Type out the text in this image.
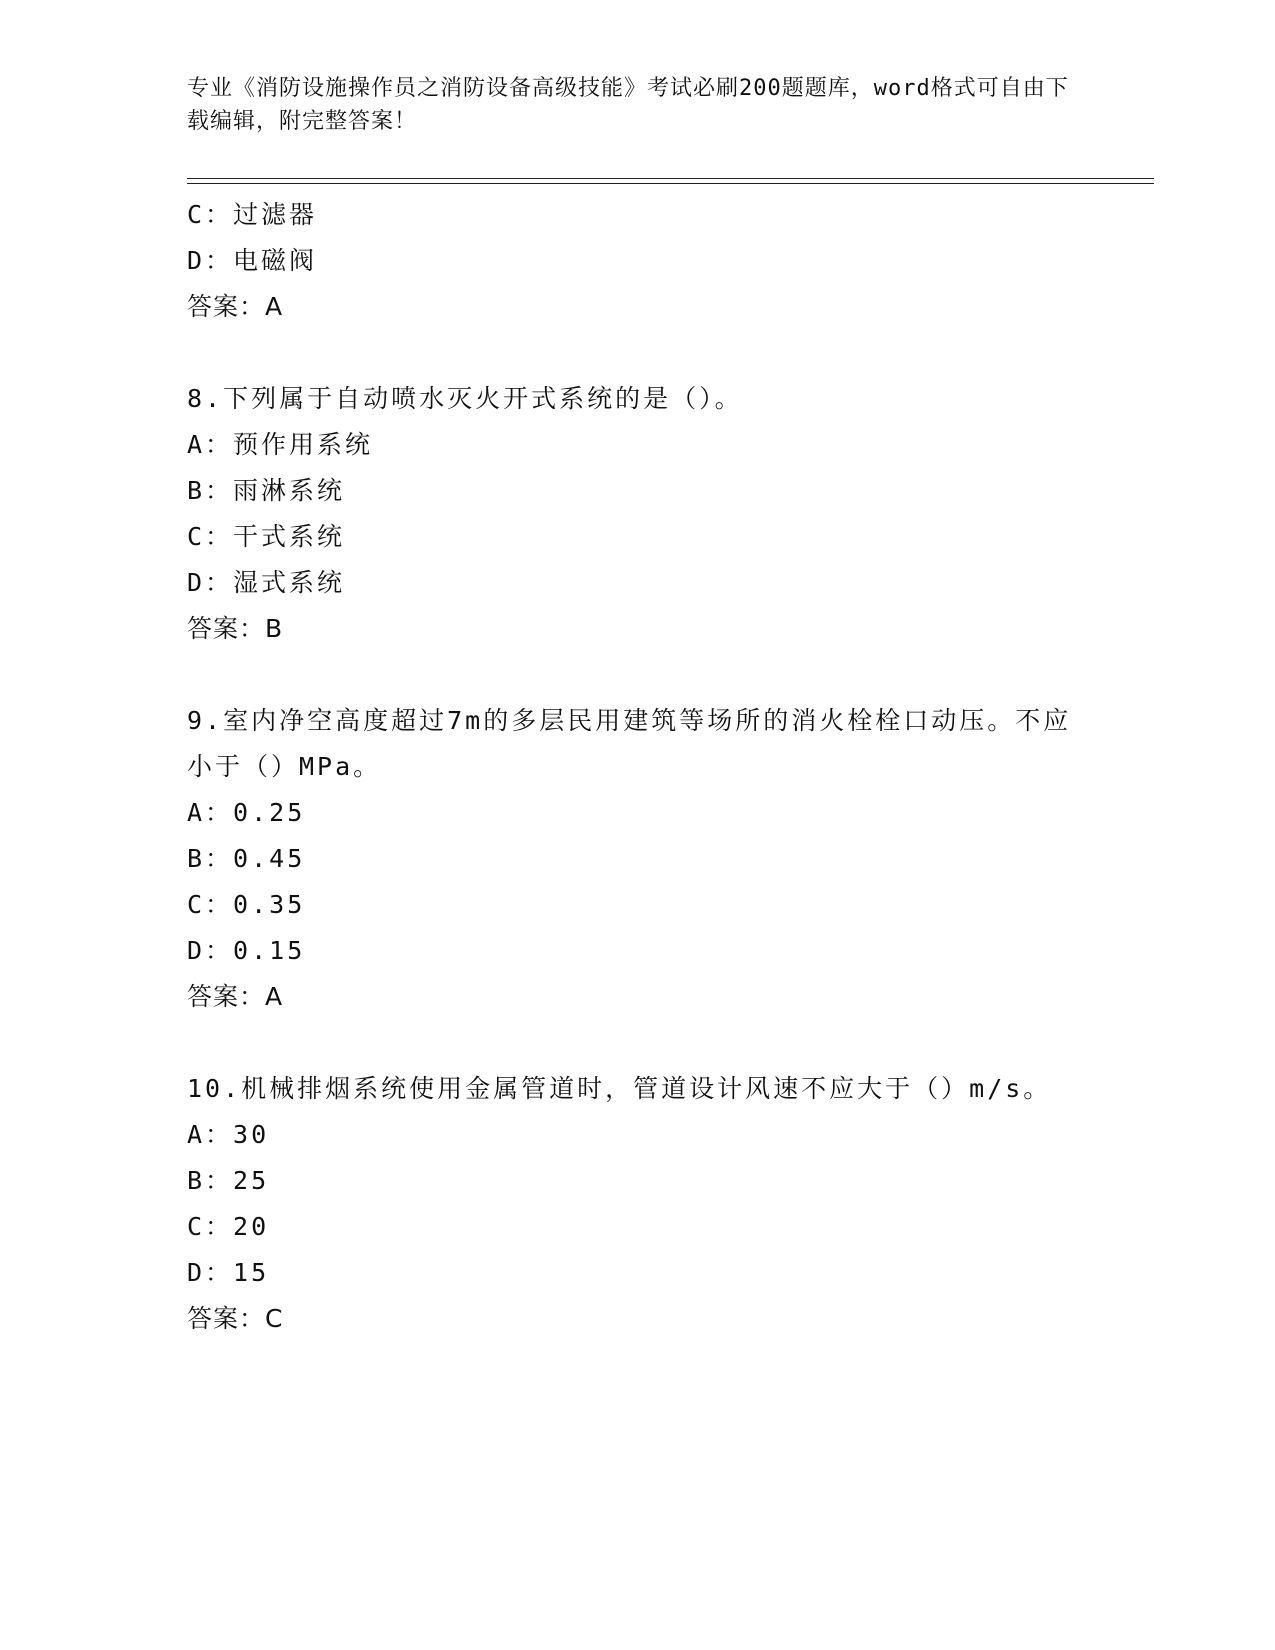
专业《消防设施操作员之消防设备高级技能》考试必刷200题题库，word格式可自由下载编辑，附完整答案！
C：过滤器
D：电磁阀
答案：A
8.下列属于自动喷水灭火开式系统的是（）。
A：预作用系统
B：雨淋系统
C：干式系统
D：湿式系统
答案：B
9.室内净空高度超过7m的多层民用建筑等场所的消火栓栓口动压。不应小于（）MPa。
A：0.25
B：0.45
C：0.35
D：0.15
答案：A
10.机械排烟系统使用金属管道时，管道设计风速不应大于（）m/s。
A：30
B：25
C：20
D：15
答案：C
